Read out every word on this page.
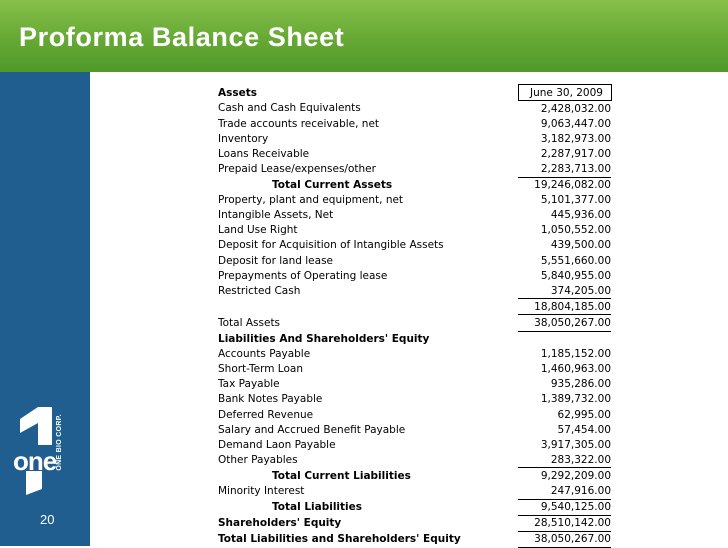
Proforma Balance Sheet
one ONE BIO CORP.
20
Assets	June 30, 2009
Cash and Cash Equivalents	2,428,032.00
Trade accounts receivable, net	9,063,447.00
Inventory	3,182,973.00
Loans Receivable	2,287,917.00
Prepaid Lease/expenses/other	2,283,713.00
Total Current Assets	19,246,082.00
Property, plant and equipment, net	5,101,377.00
Intangible Assets, Net	445,936.00
Land Use Right	1,050,552.00
Deposit for Acquisition of Intangible Assets	439,500.00
Deposit for land lease	5,551,660.00
Prepayments of Operating lease	5,840,955.00
Restricted Cash	374,205.00
	18,804,185.00
Total Assets	38,050,267.00
Liabilities And Shareholders' Equity	
Accounts Payable	1,185,152.00
Short-Term Loan	1,460,963.00
Tax Payable	935,286.00
Bank Notes Payable	1,389,732.00
Deferred Revenue	62,995.00
Salary and Accrued Benefit Payable	57,454.00
Demand Laon Payable	3,917,305.00
Other Payables	283,322.00
Total Current Liabilities	9,292,209.00
Minority Interest	247,916.00
Total Liabilities	9,540,125.00
Shareholders' Equity	28,510,142.00
Total Liabilities and Shareholders' Equity	38,050,267.00
